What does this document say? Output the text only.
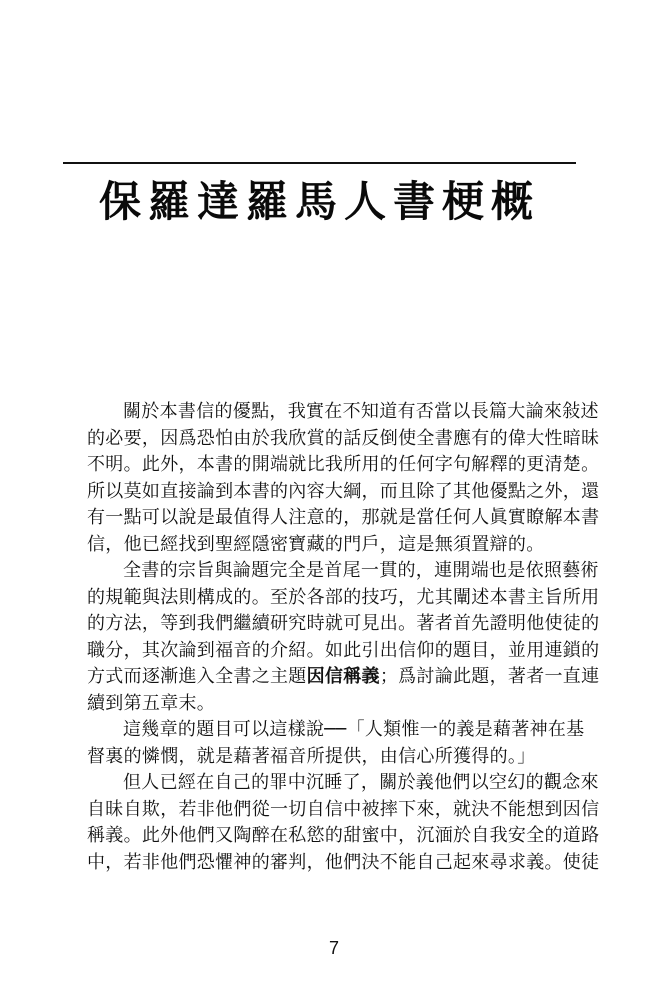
保羅達羅馬人書梗概
關於本書信的優點，我實在不知道有否當以長篇大論來敍述
的必要，因爲恐怕由於我欣賞的話反倒使全書應有的偉大性暗昧
不明。此外，本書的開端就比我所用的任何字句解釋的更清楚。
所以莫如直接論到本書的內容大綱，而且除了其他優點之外，還
有一點可以說是最值得人注意的，那就是當任何人眞實瞭解本書
信，他已經找到聖經隱密寶藏的門戶，這是無須置辯的。
全書的宗旨與論題完全是首尾一貫的，連開端也是依照藝術
的規範與法則構成的。至於各部的技巧，尤其闡述本書主旨所用
的方法，等到我們繼續研究時就可見出。著者首先證明他使徒的
職分，其次論到福音的介紹。如此引出信仰的題目，並用連鎖的
方式而逐漸進入全書之主題因信稱義；爲討論此題，著者一直連
續到第五章末。
這幾章的題目可以這樣說──「人類惟一的義是藉著神在基
督裏的憐憫，就是藉著福音所提供，由信心所獲得的。」
但人已經在自己的罪中沉睡了，關於義他們以空幻的觀念來
自昧自欺，若非他們從一切自信中被摔下來，就決不能想到因信
稱義。此外他們又陶醉在私慾的甜蜜中，沉湎於自我安全的道路
中，若非他們恐懼神的審判，他們決不能自己起來尋求義。使徒
7
